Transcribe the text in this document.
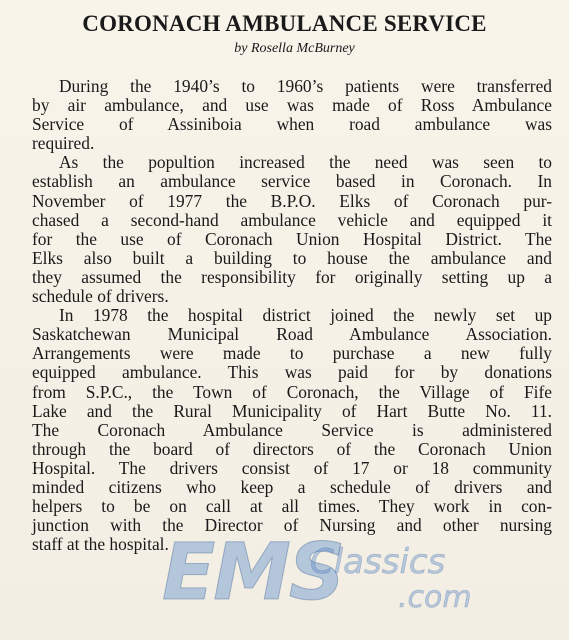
CORONACH AMBULANCE SERVICE
by Rosella McBurney
During the 1940’s to 1960’s patients were transferred
by air ambulance, and use was made of Ross Ambulance
Service of Assiniboia when road ambulance was
required.
As the popultion increased the need was seen to
establish an ambulance service based in Coronach. In
November of 1977 the B.P.O. Elks of Coronach pur-
chased a second-hand ambulance vehicle and equipped it
for the use of Coronach Union Hospital District. The
Elks also built a building to house the ambulance and
they assumed the responsibility for originally setting up a
schedule of drivers.
In 1978 the hospital district joined the newly set up
Saskatchewan Municipal Road Ambulance Association.
Arrangements were made to purchase a new fully
equipped ambulance. This was paid for by donations
from S.P.C., the Town of Coronach, the Village of Fife
Lake and the Rural Municipality of Hart Butte No. 11.
The Coronach Ambulance Service is administered
through the board of directors of the Coronach Union
Hospital. The drivers consist of 17 or 18 community
minded citizens who keep a schedule of drivers and
helpers to be on call at all times. They work in con-
junction with the Director of Nursing and other nursing
staff at the hospital.
EMS
Classics
.com
